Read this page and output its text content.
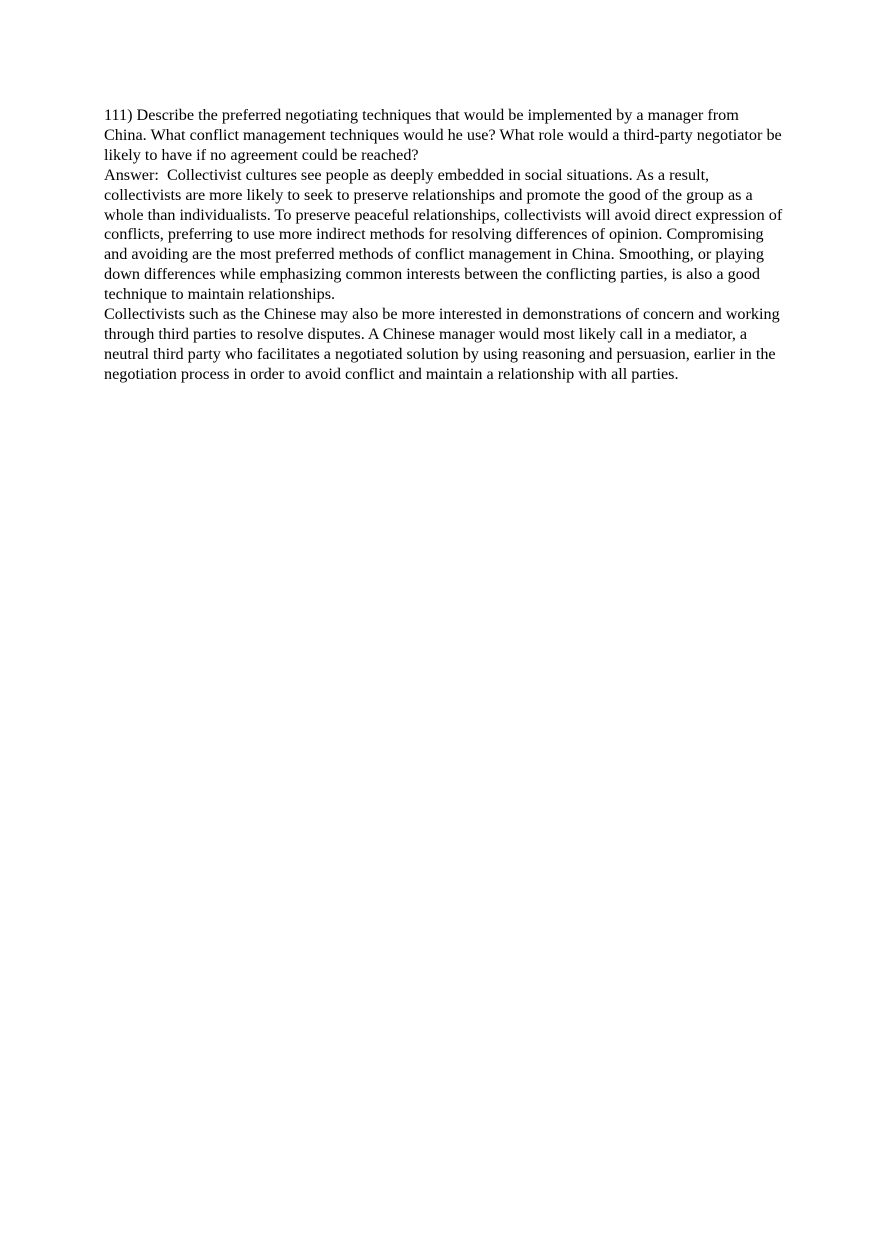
111) Describe the preferred negotiating techniques that would be implemented by a manager from China. What conflict management techniques would he use? What role would a third-party negotiator be likely to have if no agreement could be reached?

Answer:  Collectivist cultures see people as deeply embedded in social situations. As a result, collectivists are more likely to seek to preserve relationships and promote the good of the group as a whole than individualists. To preserve peaceful relationships, collectivists will avoid direct expression of conflicts, preferring to use more indirect methods for resolving differences of opinion. Compromising and avoiding are the most preferred methods of conflict management in China. Smoothing, or playing down differences while emphasizing common interests between the conflicting parties, is also a good technique to maintain relationships.

Collectivists such as the Chinese may also be more interested in demonstrations of concern and working through third parties to resolve disputes. A Chinese manager would most likely call in a mediator, a neutral third party who facilitates a negotiated solution by using reasoning and persuasion, earlier in the negotiation process in order to avoid conflict and maintain a relationship with all parties.
